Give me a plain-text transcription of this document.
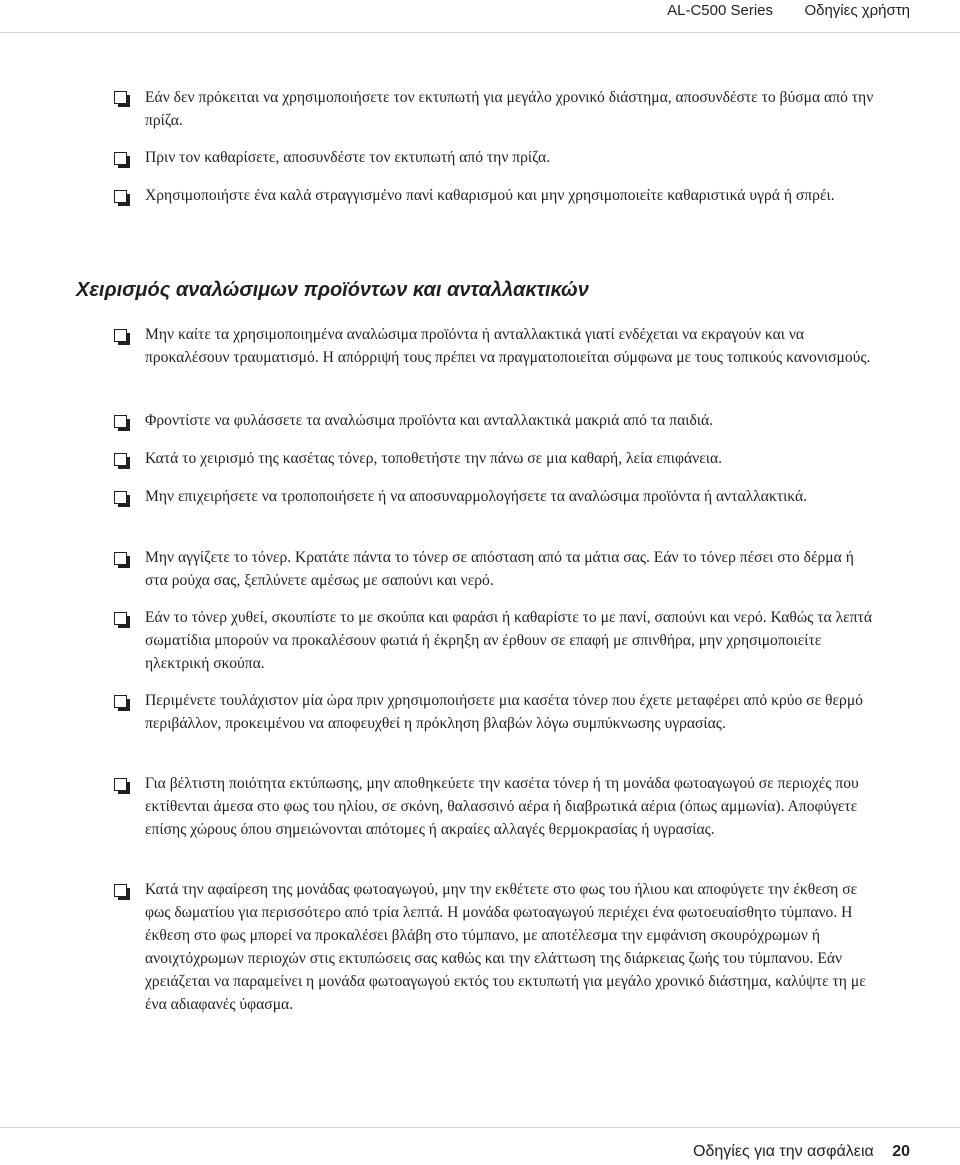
AL-C500 Series Οδηγίες χρήστη
Εάν δεν πρόκειται να χρησιμοποιήσετε τον εκτυπωτή για μεγάλο χρονικό διάστημα, αποσυνδέστε το βύσμα από την πρίζα.
Πριν τον καθαρίσετε, αποσυνδέστε τον εκτυπωτή από την πρίζα.
Χρησιμοποιήστε ένα καλά στραγγισμένο πανί καθαρισμού και μην χρησιμοποιείτε καθαριστικά υγρά ή σπρέι.
Χειρισμός αναλώσιμων προϊόντων και ανταλλακτικών
Μην καίτε τα χρησιμοποιημένα αναλώσιμα προϊόντα ή ανταλλακτικά γιατί ενδέχεται να εκραγούν και να προκαλέσουν τραυματισμό. Η απόρριψή τους πρέπει να πραγματοποιείται σύμφωνα με τους τοπικούς κανονισμούς.
Φροντίστε να φυλάσσετε τα αναλώσιμα προϊόντα και ανταλλακτικά μακριά από τα παιδιά.
Κατά το χειρισμό της κασέτας τόνερ, τοποθετήστε την πάνω σε μια καθαρή, λεία επιφάνεια.
Μην επιχειρήσετε να τροποποιήσετε ή να αποσυναρμολογήσετε τα αναλώσιμα προϊόντα ή ανταλλακτικά.
Μην αγγίζετε το τόνερ. Κρατάτε πάντα το τόνερ σε απόσταση από τα μάτια σας. Εάν το τόνερ πέσει στο δέρμα ή στα ρούχα σας, ξεπλύνετε αμέσως με σαπούνι και νερό.
Εάν το τόνερ χυθεί, σκουπίστε το με σκούπα και φαράσι ή καθαρίστε το με πανί, σαπούνι και νερό. Καθώς τα λεπτά σωματίδια μπορούν να προκαλέσουν φωτιά ή έκρηξη αν έρθουν σε επαφή με σπινθήρα, μην χρησιμοποιείτε ηλεκτρική σκούπα.
Περιμένετε τουλάχιστον μία ώρα πριν χρησιμοποιήσετε μια κασέτα τόνερ που έχετε μεταφέρει από κρύο σε θερμό περιβάλλον, προκειμένου να αποφευχθεί η πρόκληση βλαβών λόγω συμπύκνωσης υγρασίας.
Για βέλτιστη ποιότητα εκτύπωσης, μην αποθηκεύετε την κασέτα τόνερ ή τη μονάδα φωτοαγωγού σε περιοχές που εκτίθενται άμεσα στο φως του ηλίου, σε σκόνη, θαλασσινό αέρα ή διαβρωτικά αέρια (όπως αμμωνία). Αποφύγετε επίσης χώρους όπου σημειώνονται απότομες ή ακραίες αλλαγές θερμοκρασίας ή υγρασίας.
Κατά την αφαίρεση της μονάδας φωτοαγωγού, μην την εκθέτετε στο φως του ήλιου και αποφύγετε την έκθεση σε φως δωματίου για περισσότερο από τρία λεπτά. Η μονάδα φωτοαγωγού περιέχει ένα φωτοευαίσθητο τύμπανο. Η έκθεση στο φως μπορεί να προκαλέσει βλάβη στο τύμπανο, με αποτέλεσμα την εμφάνιση σκουρόχρωμων ή ανοιχτόχρωμων περιοχών στις εκτυπώσεις σας καθώς και την ελάττωση της διάρκειας ζωής του τύμπανου. Εάν χρειάζεται να παραμείνει η μονάδα φωτοαγωγού εκτός του εκτυπωτή για μεγάλο χρονικό διάστημα, καλύψτε τη με ένα αδιαφανές ύφασμα.
Οδηγίες για την ασφάλεια 20
